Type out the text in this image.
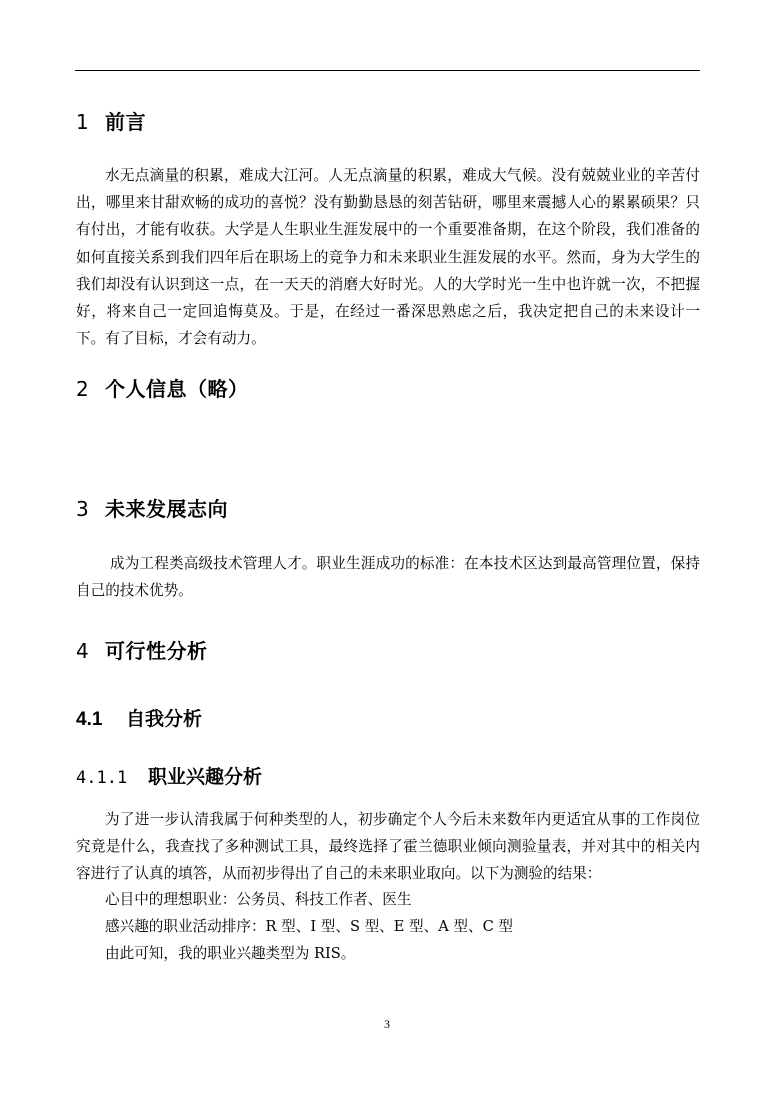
1 前言
水无点滴量的积累，难成大江河。人无点滴量的积累，难成大气候。没有兢兢业业的辛苦付出，哪里来甘甜欢畅的成功的喜悦？没有勤勤恳恳的刻苦钻研，哪里来震撼人心的累累硕果？只有付出，才能有收获。大学是人生职业生涯发展中的一个重要准备期，在这个阶段，我们准备的如何直接关系到我们四年后在职场上的竞争力和未来职业生涯发展的水平。然而，身为大学生的我们却没有认识到这一点，在一天天的消磨大好时光。人的大学时光一生中也许就一次，不把握好，将来自己一定回追悔莫及。于是，在经过一番深思熟虑之后，我决定把自己的未来设计一下。有了目标，才会有动力。
2 个人信息（略）
3 未来发展志向
成为工程类高级技术管理人才。职业生涯成功的标准：在本技术区达到最高管理位置，保持自己的技术优势。
4 可行性分析
4.1 自我分析
4.1.1 职业兴趣分析
为了进一步认清我属于何种类型的人，初步确定个人今后未来数年内更适宜从事的工作岗位究竟是什么，我查找了多种测试工具，最终选择了霍兰德职业倾向测验量表，并对其中的相关内容进行了认真的填答，从而初步得出了自己的未来职业取向。以下为测验的结果：
心目中的理想职业：公务员、科技工作者、医生
感兴趣的职业活动排序：R 型、I 型、S 型、E 型、A 型、C 型
由此可知，我的职业兴趣类型为 RIS。
3
